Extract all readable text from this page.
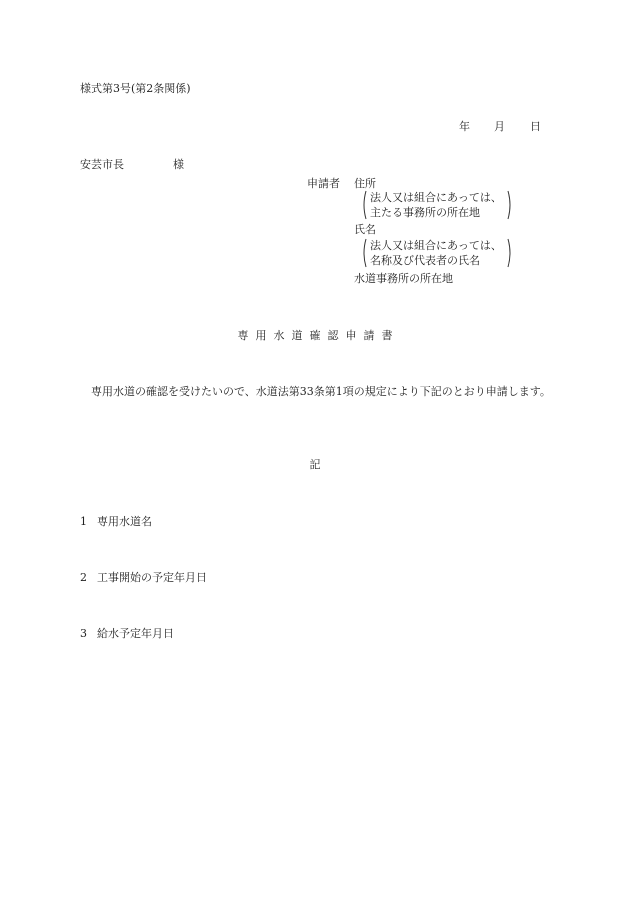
様式第3号(第2条関係)
年 月 日
安芸市長	様
申請者 住所
法人又は組合にあっては、
主たる事務所の所在地
氏名
法人又は組合にあっては、
名称及び代表者の氏名
水道事務所の所在地
専 用 水 道 確 認 申 請 書
専用水道の確認を受けたいので、水道法第33条第1項の規定により下記のとおり申請します。
記
1 専用水道名
2 工事開始の予定年月日
3 給水予定年月日
